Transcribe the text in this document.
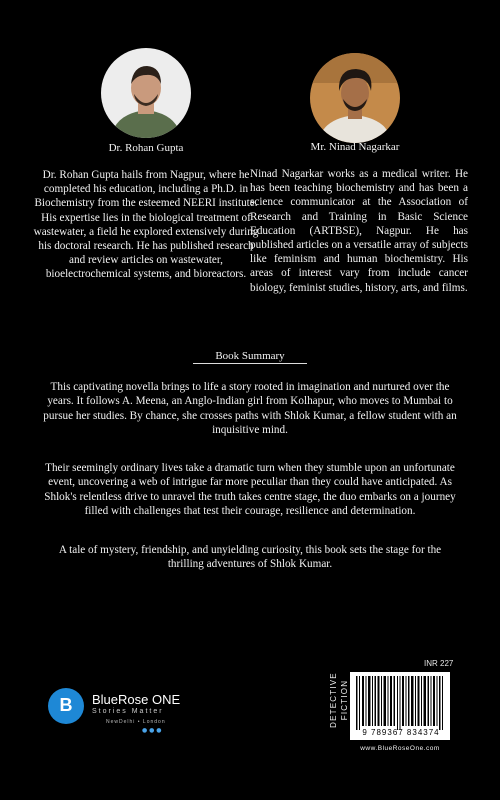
Dr. Rohan Gupta
Dr. Rohan Gupta hails from Nagpur, where he completed his education, including a Ph.D. in Biochemistry from the esteemed NEERI institute. His expertise lies in the biological treatment of wastewater, a field he explored extensively during his doctoral research. He has published research and review articles on wastewater, bioelectrochemical systems, and bioreactors.
Mr. Ninad Nagarkar
Ninad Nagarkar works as a medical writer. He has been teaching biochemistry and has been a science communicator at the Association of Research and Training in Basic Science Education (ARTBSE), Nagpur. He has published articles on a versatile array of subjects like feminism and human biochemistry. His areas of interest vary from include cancer biology, feminist studies, history, arts, and films.
Book Summary

This captivating novella brings to life a story rooted in imagination and nurtured over the years. It follows A. Meena, an Anglo-Indian girl from Kolhapur, who moves to Mumbai to pursue her studies. By chance, she crosses paths with Shlok Kumar, a fellow student with an inquisitive mind.

Their seemingly ordinary lives take a dramatic turn when they stumble upon an unfortunate event, uncovering a web of intrigue far more peculiar than they could have anticipated. As Shlok's relentless drive to unravel the truth takes centre stage, the duo embarks on a journey filled with challenges that test their courage, resilience and determination.

A tale of mystery, friendship, and unyielding curiosity, this book sets the stage for the thrilling adventures of Shlok Kumar.

B	BlueRose ONE
Stories Matter
NewDelhi • London
● ● ●
DETECTIVE FICTION
INR 227
9 789367 834374
www.BlueRoseOne.com
